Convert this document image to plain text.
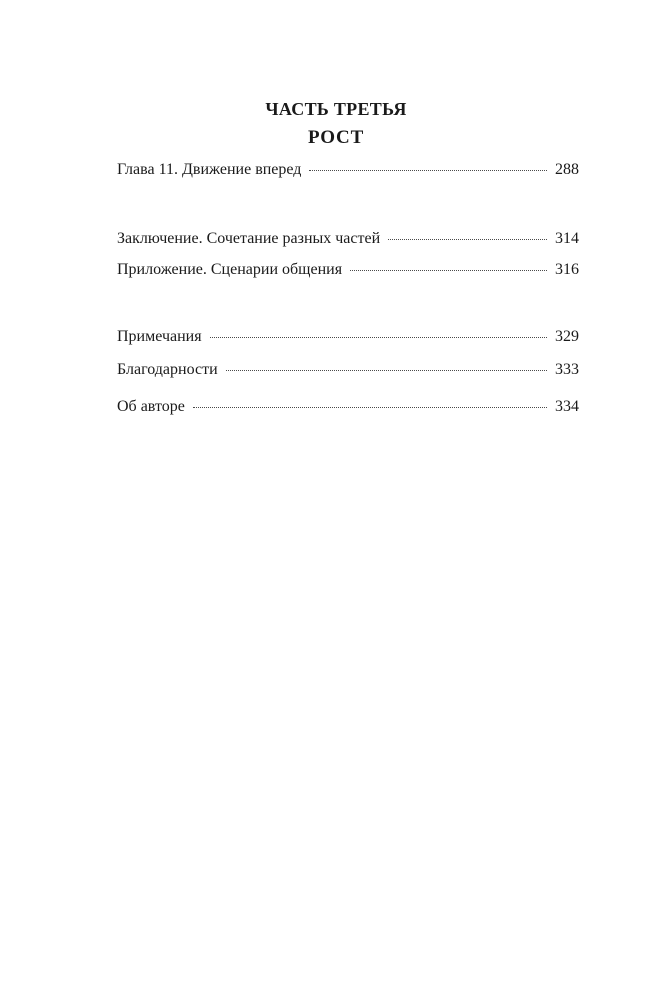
ЧАСТЬ ТРЕТЬЯ
РОСТ
Глава 11. Движение вперед	288
Заключение. Сочетание разных частей	314
Приложение. Сценарии общения	316
Примечания	329
Благодарности	333
Об авторе	334
